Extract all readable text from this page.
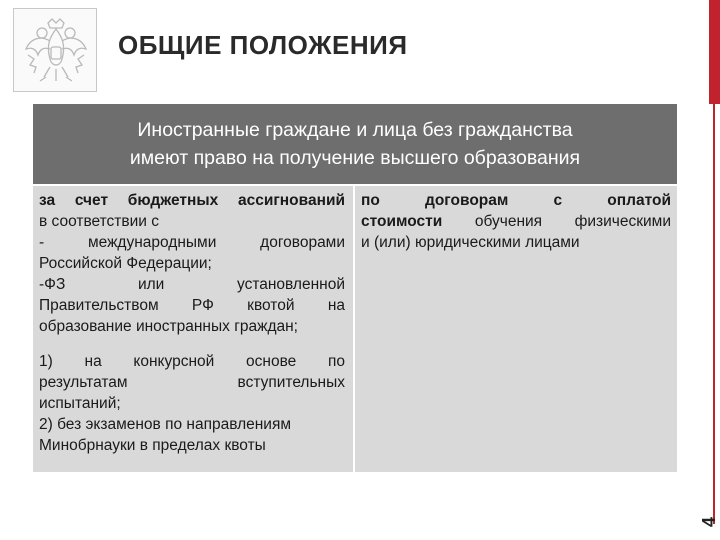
ОБЩИЕ ПОЛОЖЕНИЯ
4
Иностранные граждане и лица без гражданства
имеют право на получение высшего образования
за счет бюджетных ассигнований
в соответствии с
- международными договорами
Российской Федерации;
-ФЗ или установленной
Правительством РФ квотой на
образование иностранных граждан;
1) на конкурсной основе по
результатам вступительных
испытаний;
2) без экзаменов по направлениям
Минобрнауки в пределах квоты
по договорам с оплатой
стоимости обучения физическими
и (или) юридическими лицами
